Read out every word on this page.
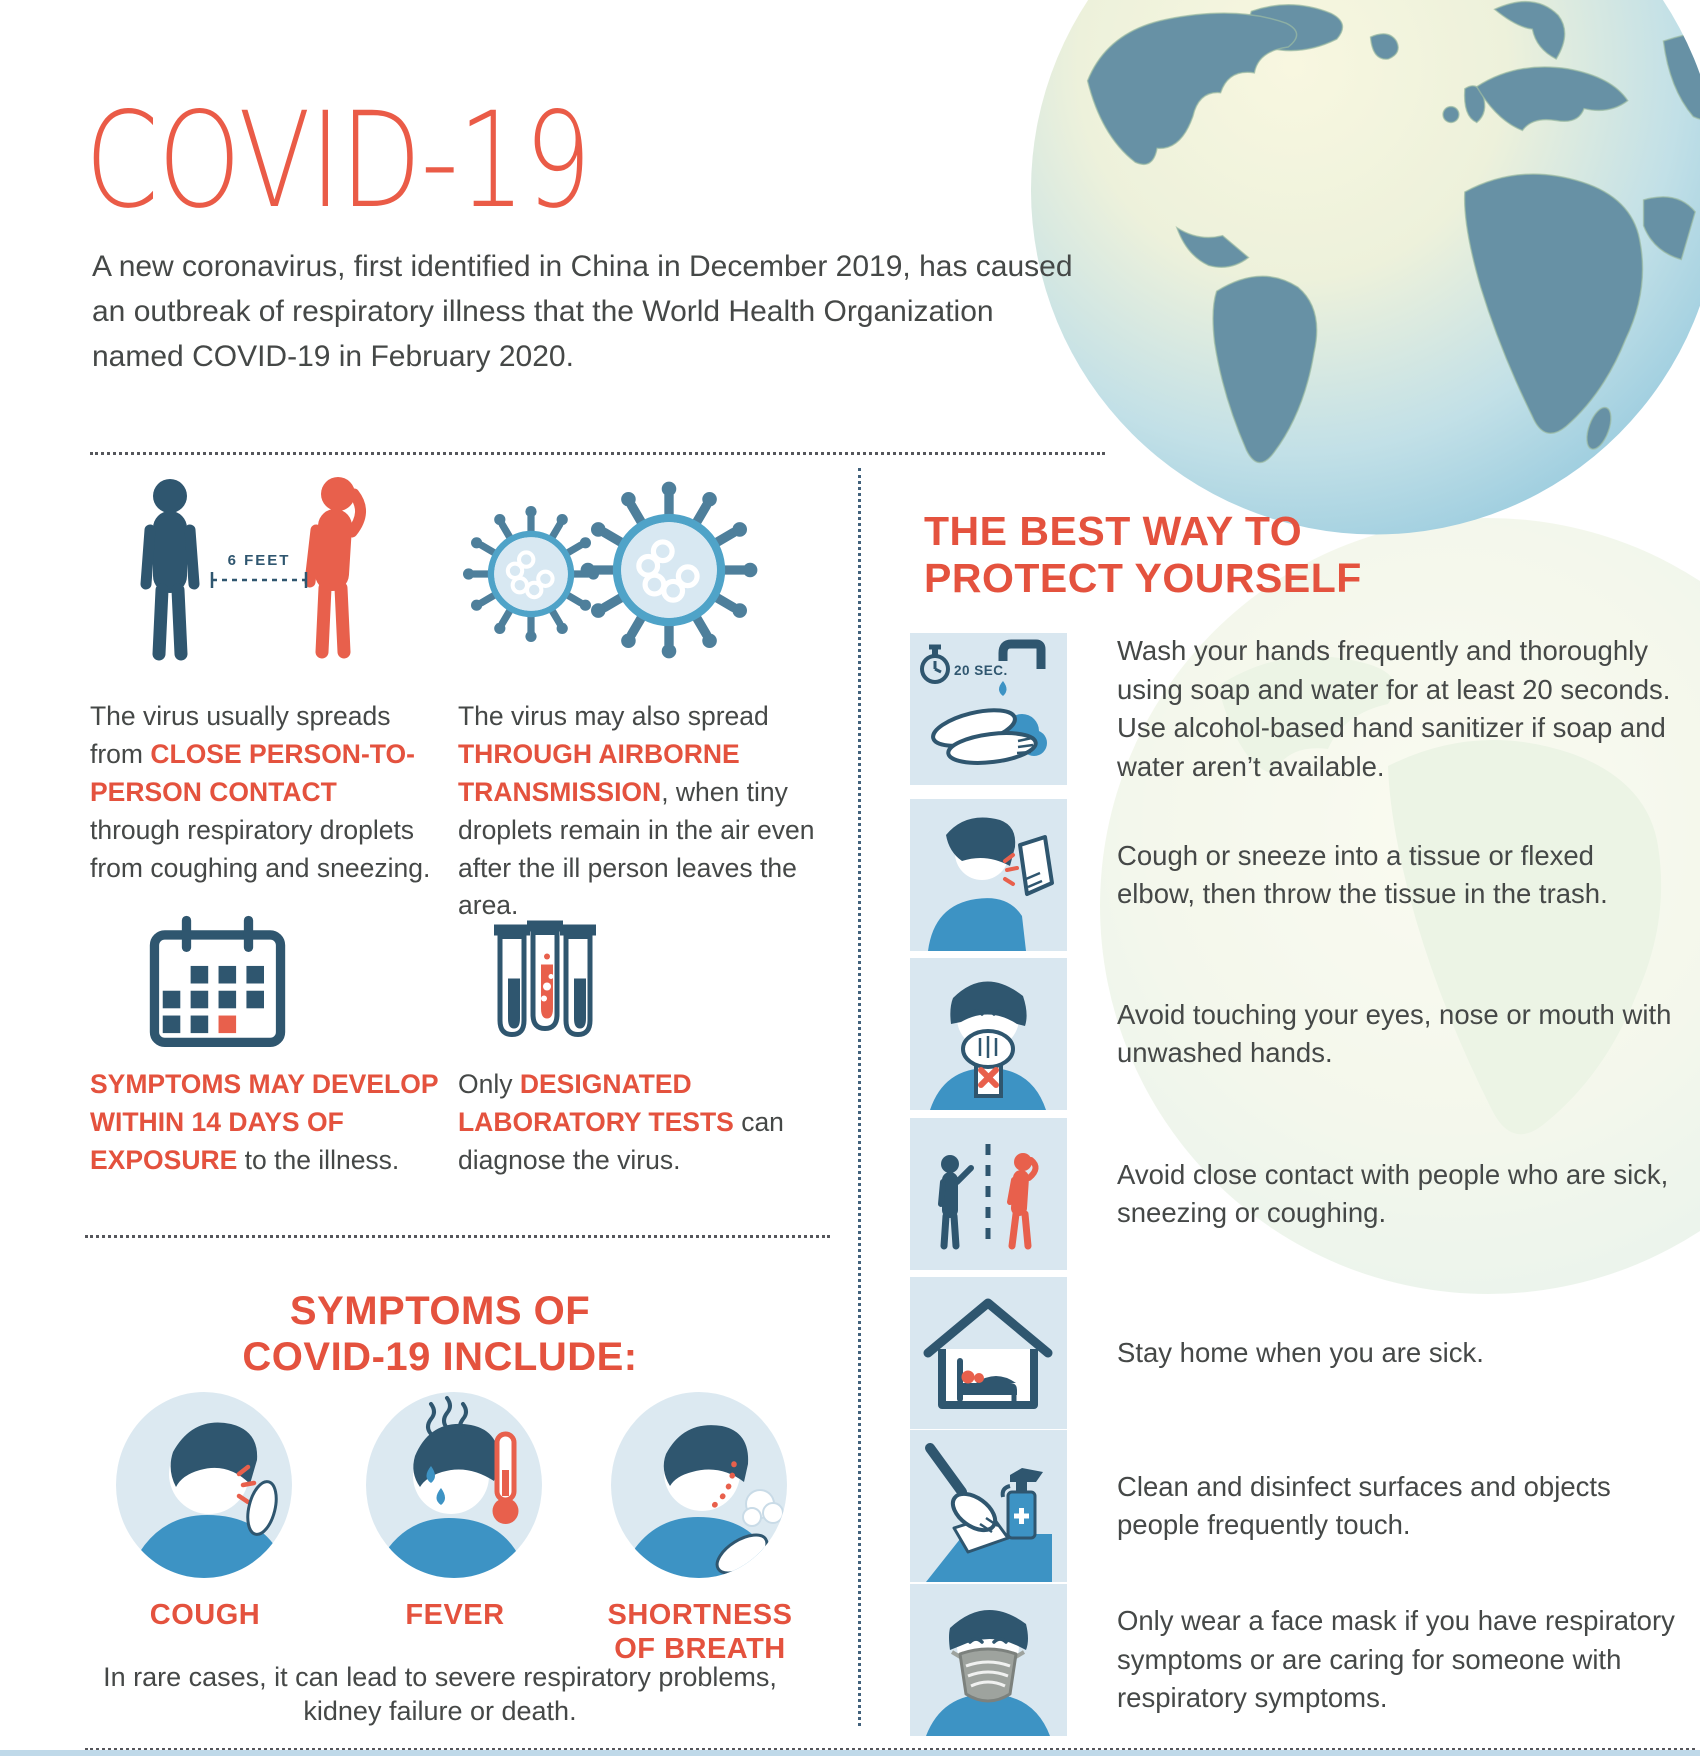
COVID-19

A new coronavirus, first identified in China in December 2019, has caused an outbreak of respiratory illness that the World Health Organization named COVID-19 in February 2020.

6 FEET

The virus usually spreads from CLOSE PERSON-TO-PERSON CONTACT through respiratory droplets from coughing and sneezing.

The virus may also spread THROUGH AIRBORNE TRANSMISSION, when tiny droplets remain in the air even after the ill person leaves the area.

SYMPTOMS MAY DEVELOP WITHIN 14 DAYS OF EXPOSURE to the illness.

Only DESIGNATED LABORATORY TESTS can diagnose the virus.

SYMPTOMS OF
COVID-19 INCLUDE:
COUGH	FEVER	SHORTNESS OF BREATH
In rare cases, it can lead to severe respiratory problems,
kidney failure or death.
THE BEST WAY TO
PROTECT YOURSELF
20 SEC.

Wash your hands frequently and thoroughly using soap and water for at least 20 seconds. Use alcohol-based hand sanitizer if soap and water aren’t available.

Cough or sneeze into a tissue or flexed elbow, then throw the tissue in the trash.

Avoid touching your eyes, nose or mouth with unwashed hands.

Avoid close contact with people who are sick, sneezing or coughing.

Stay home when you are sick.

Clean and disinfect surfaces and objects people frequently touch.

Only wear a face mask if you have respiratory symptoms or are caring for someone with respiratory symptoms.
